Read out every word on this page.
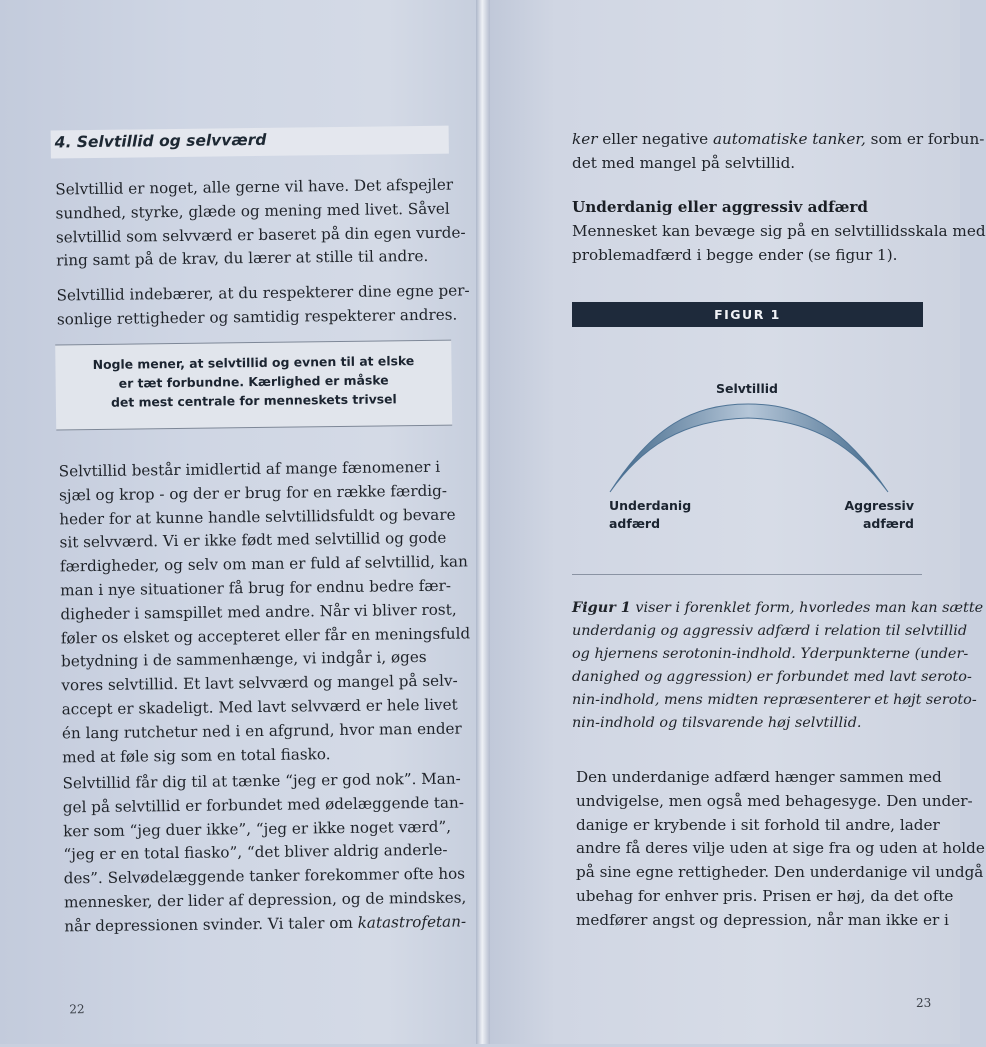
4. Selvtillid og selvværd

Selvtillid er noget, alle gerne vil have. Det afspejler
sundhed, styrke, glæde og mening med livet. Såvel
selvtillid som selvværd er baseret på din egen vurde-
ring samt på de krav, du lærer at stille til andre.

Selvtillid indebærer, at du respekterer dine egne per-
sonlige rettigheder og samtidig respekterer andres.

Nogle mener, at selvtillid og evnen til at elske
er tæt forbundne. Kærlighed er måske
det mest centrale for menneskets trivsel

Selvtillid består imidlertid af mange fænomener i
sjæl og krop - og der er brug for en række færdig-
heder for at kunne handle selvtillidsfuldt og bevare
sit selvværd. Vi er ikke født med selvtillid og gode
færdigheder, og selv om man er fuld af selvtillid, kan
man i nye situationer få brug for endnu bedre fær-
digheder i samspillet med andre. Når vi bliver rost,
føler os elsket og accepteret eller får en meningsfuld
betydning i de sammenhænge, vi indgår i, øges
vores selvtillid. Et lavt selvværd og mangel på selv-
accept er skadeligt. Med lavt selvværd er hele livet
én lang rutchetur ned i en afgrund, hvor man ender
med at føle sig som en total fiasko.

Selvtillid får dig til at tænke “jeg er god nok”. Man-
gel på selvtillid er forbundet med ødelæggende tan-
ker som “jeg duer ikke”, “jeg er ikke noget værd”,
“jeg er en total fiasko”, “det bliver aldrig anderle-
des”. Selvødelæggende tanker forekommer ofte hos
mennesker, der lider af depression, og de mindskes,
når depressionen svinder. Vi taler om katastrofetan-

22

ker eller negative automatiske tanker, som er forbun-
det med mangel på selvtillid.

Underdanig eller aggressiv adfærd

Mennesket kan bevæge sig på en selvtillidsskala med
problemadfærd i begge ender (se figur 1).

FIGUR 1
Selvtillid
Underdanig
adfærd
Aggressiv
adfærd

Figur 1 viser i forenklet form, hvorledes man kan sætte
underdanig og aggressiv adfærd i relation til selvtillid
og hjernens serotonin-indhold. Yderpunkterne (under-
danighed og aggression) er forbundet med lavt seroto-
nin-indhold, mens midten repræsenterer et højt seroto-
nin-indhold og tilsvarende høj selvtillid.

Den underdanige adfærd hænger sammen med
undvigelse, men også med behagesyge. Den under-
danige er krybende i sit forhold til andre, lader
andre få deres vilje uden at sige fra og uden at holde
på sine egne rettigheder. Den underdanige vil undgå
ubehag for enhver pris. Prisen er høj, da det ofte
medfører angst og depression, når man ikke er i

23
